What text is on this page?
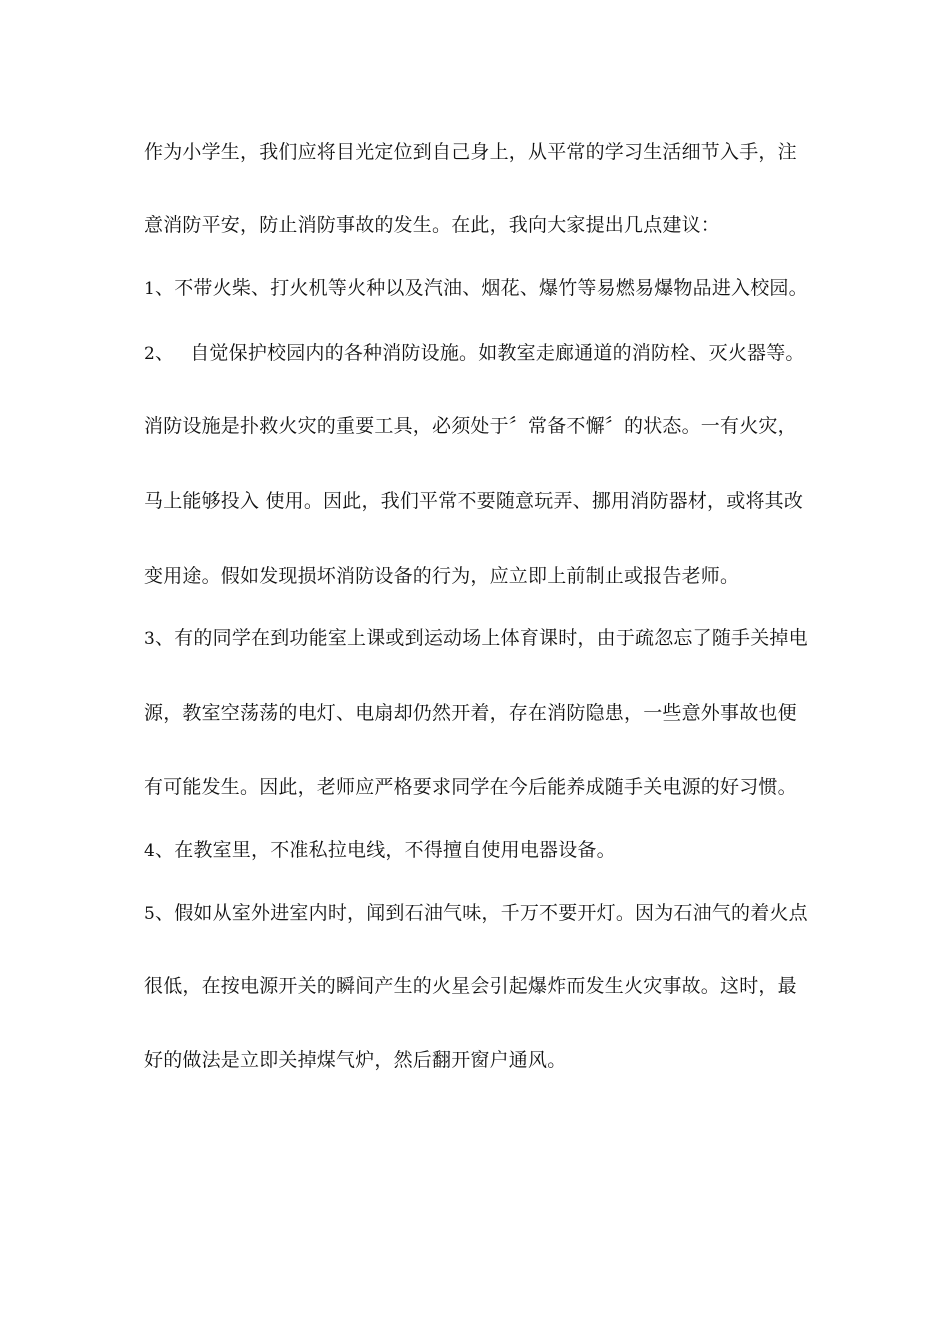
作为小学生，我们应将目光定位到自己身上，从平常的学习生活细节入手，注
意消防平安，防止消防事故的发生。在此，我向大家提出几点建议：
1、不带火柴、打火机等火种以及汽油、烟花、爆竹等易燃易爆物品进入校园。
2、 自觉保护校园内的各种消防设施。如教室走廊通道的消防栓、灭火器等。
消防设施是扑救火灾的重要工具，必须处于〞常备不懈〞的状态。一有火灾，
马上能够投入 使用。因此，我们平常不要随意玩弄、挪用消防器材，或将其改
变用途。假如发现损坏消防设备的行为，应立即上前制止或报告老师。
3、有的同学在到功能室上课或到运动场上体育课时，由于疏忽忘了随手关掉电
源，教室空荡荡的电灯、电扇却仍然开着，存在消防隐患，一些意外事故也便
有可能发生。因此，老师应严格要求同学在今后能养成随手关电源的好习惯。
4、在教室里，不准私拉电线，不得擅自使用电器设备。
5、假如从室外进室内时，闻到石油气味，千万不要开灯。因为石油气的着火点
很低，在按电源开关的瞬间产生的火星会引起爆炸而发生火灾事故。这时，最
好的做法是立即关掉煤气炉，然后翻开窗户通风。
